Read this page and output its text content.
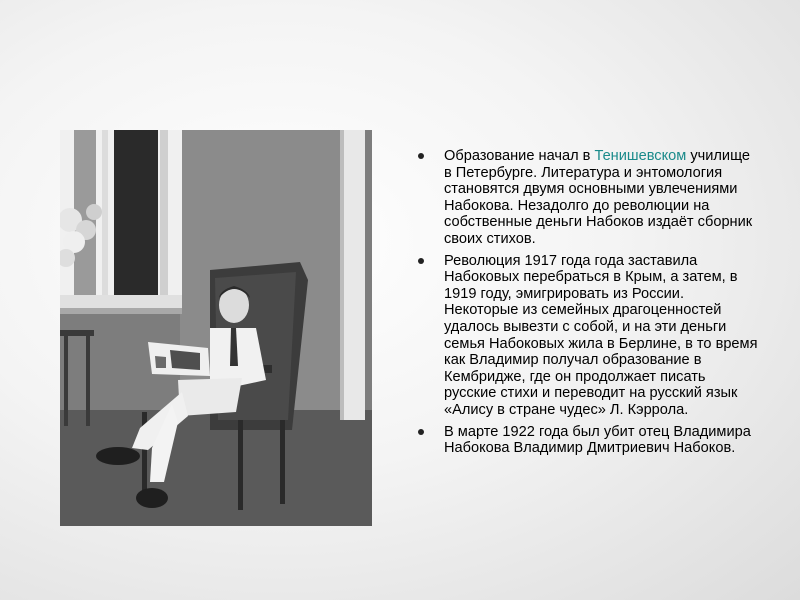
Образование начал в Тенишевском училище в Петербурге. Литература и энтомология становятся двумя основными увлечениями Набокова. Незадолго до революции на собственные деньги Набоков издаёт сборник своих стихов.
Революция 1917 года года заставила Набоковых перебраться в Крым, а затем, в 1919 году, эмигрировать из России. Некоторые из семейных драгоценностей удалось вывезти с собой, и на эти деньги семья Набоковых жила в Берлине, в то время как Владимир получал образование в Кембридже, где он продолжает писать русские стихи и переводит на русский язык «Алису в стране чудес» Л. Кэррола.
В марте 1922 года был убит отец Владимира Набокова Владимир Дмитриевич Набоков.
